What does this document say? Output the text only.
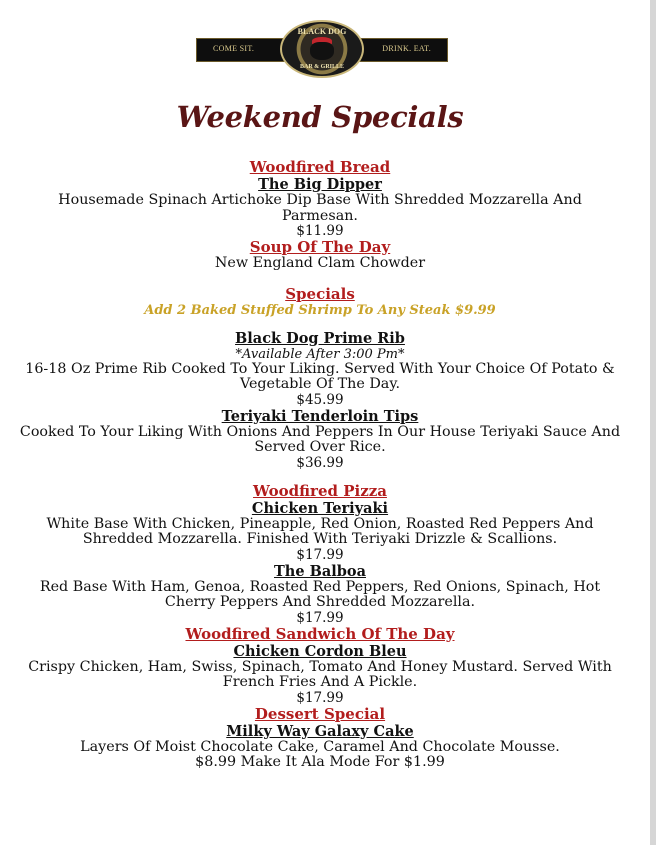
COME SIT.	DRINK. EAT.
BLACK DOG
BAR & GRILLE
Weekend Specials
Woodfired Bread
The Big Dipper
Housemade Spinach Artichoke Dip Base With Shredded Mozzarella And
Parmesan.
$11.99
Soup Of The Day
New England Clam Chowder
Specials
Add 2 Baked Stuffed Shrimp To Any Steak $9.99
Black Dog Prime Rib
*Available After 3:00 Pm*
16-18 Oz Prime Rib Cooked To Your Liking. Served With Your Choice Of Potato &
Vegetable Of The Day.
$45.99
Teriyaki Tenderloin Tips
Cooked To Your Liking With Onions And Peppers In Our House Teriyaki Sauce And
Served Over Rice.
$36.99
Woodfired Pizza
Chicken Teriyaki
White Base With Chicken, Pineapple, Red Onion, Roasted Red Peppers And
Shredded Mozzarella. Finished With Teriyaki Drizzle & Scallions.
$17.99
The Balboa
Red Base With Ham, Genoa, Roasted Red Peppers, Red Onions, Spinach, Hot
Cherry Peppers And Shredded Mozzarella.
$17.99
Woodfired Sandwich Of The Day
Chicken Cordon Bleu
Crispy Chicken, Ham, Swiss, Spinach, Tomato And Honey Mustard. Served With
French Fries And A Pickle.
$17.99
Dessert Special
Milky Way Galaxy Cake
Layers Of Moist Chocolate Cake, Caramel And Chocolate Mousse.
$8.99 Make It Ala Mode For $1.99
